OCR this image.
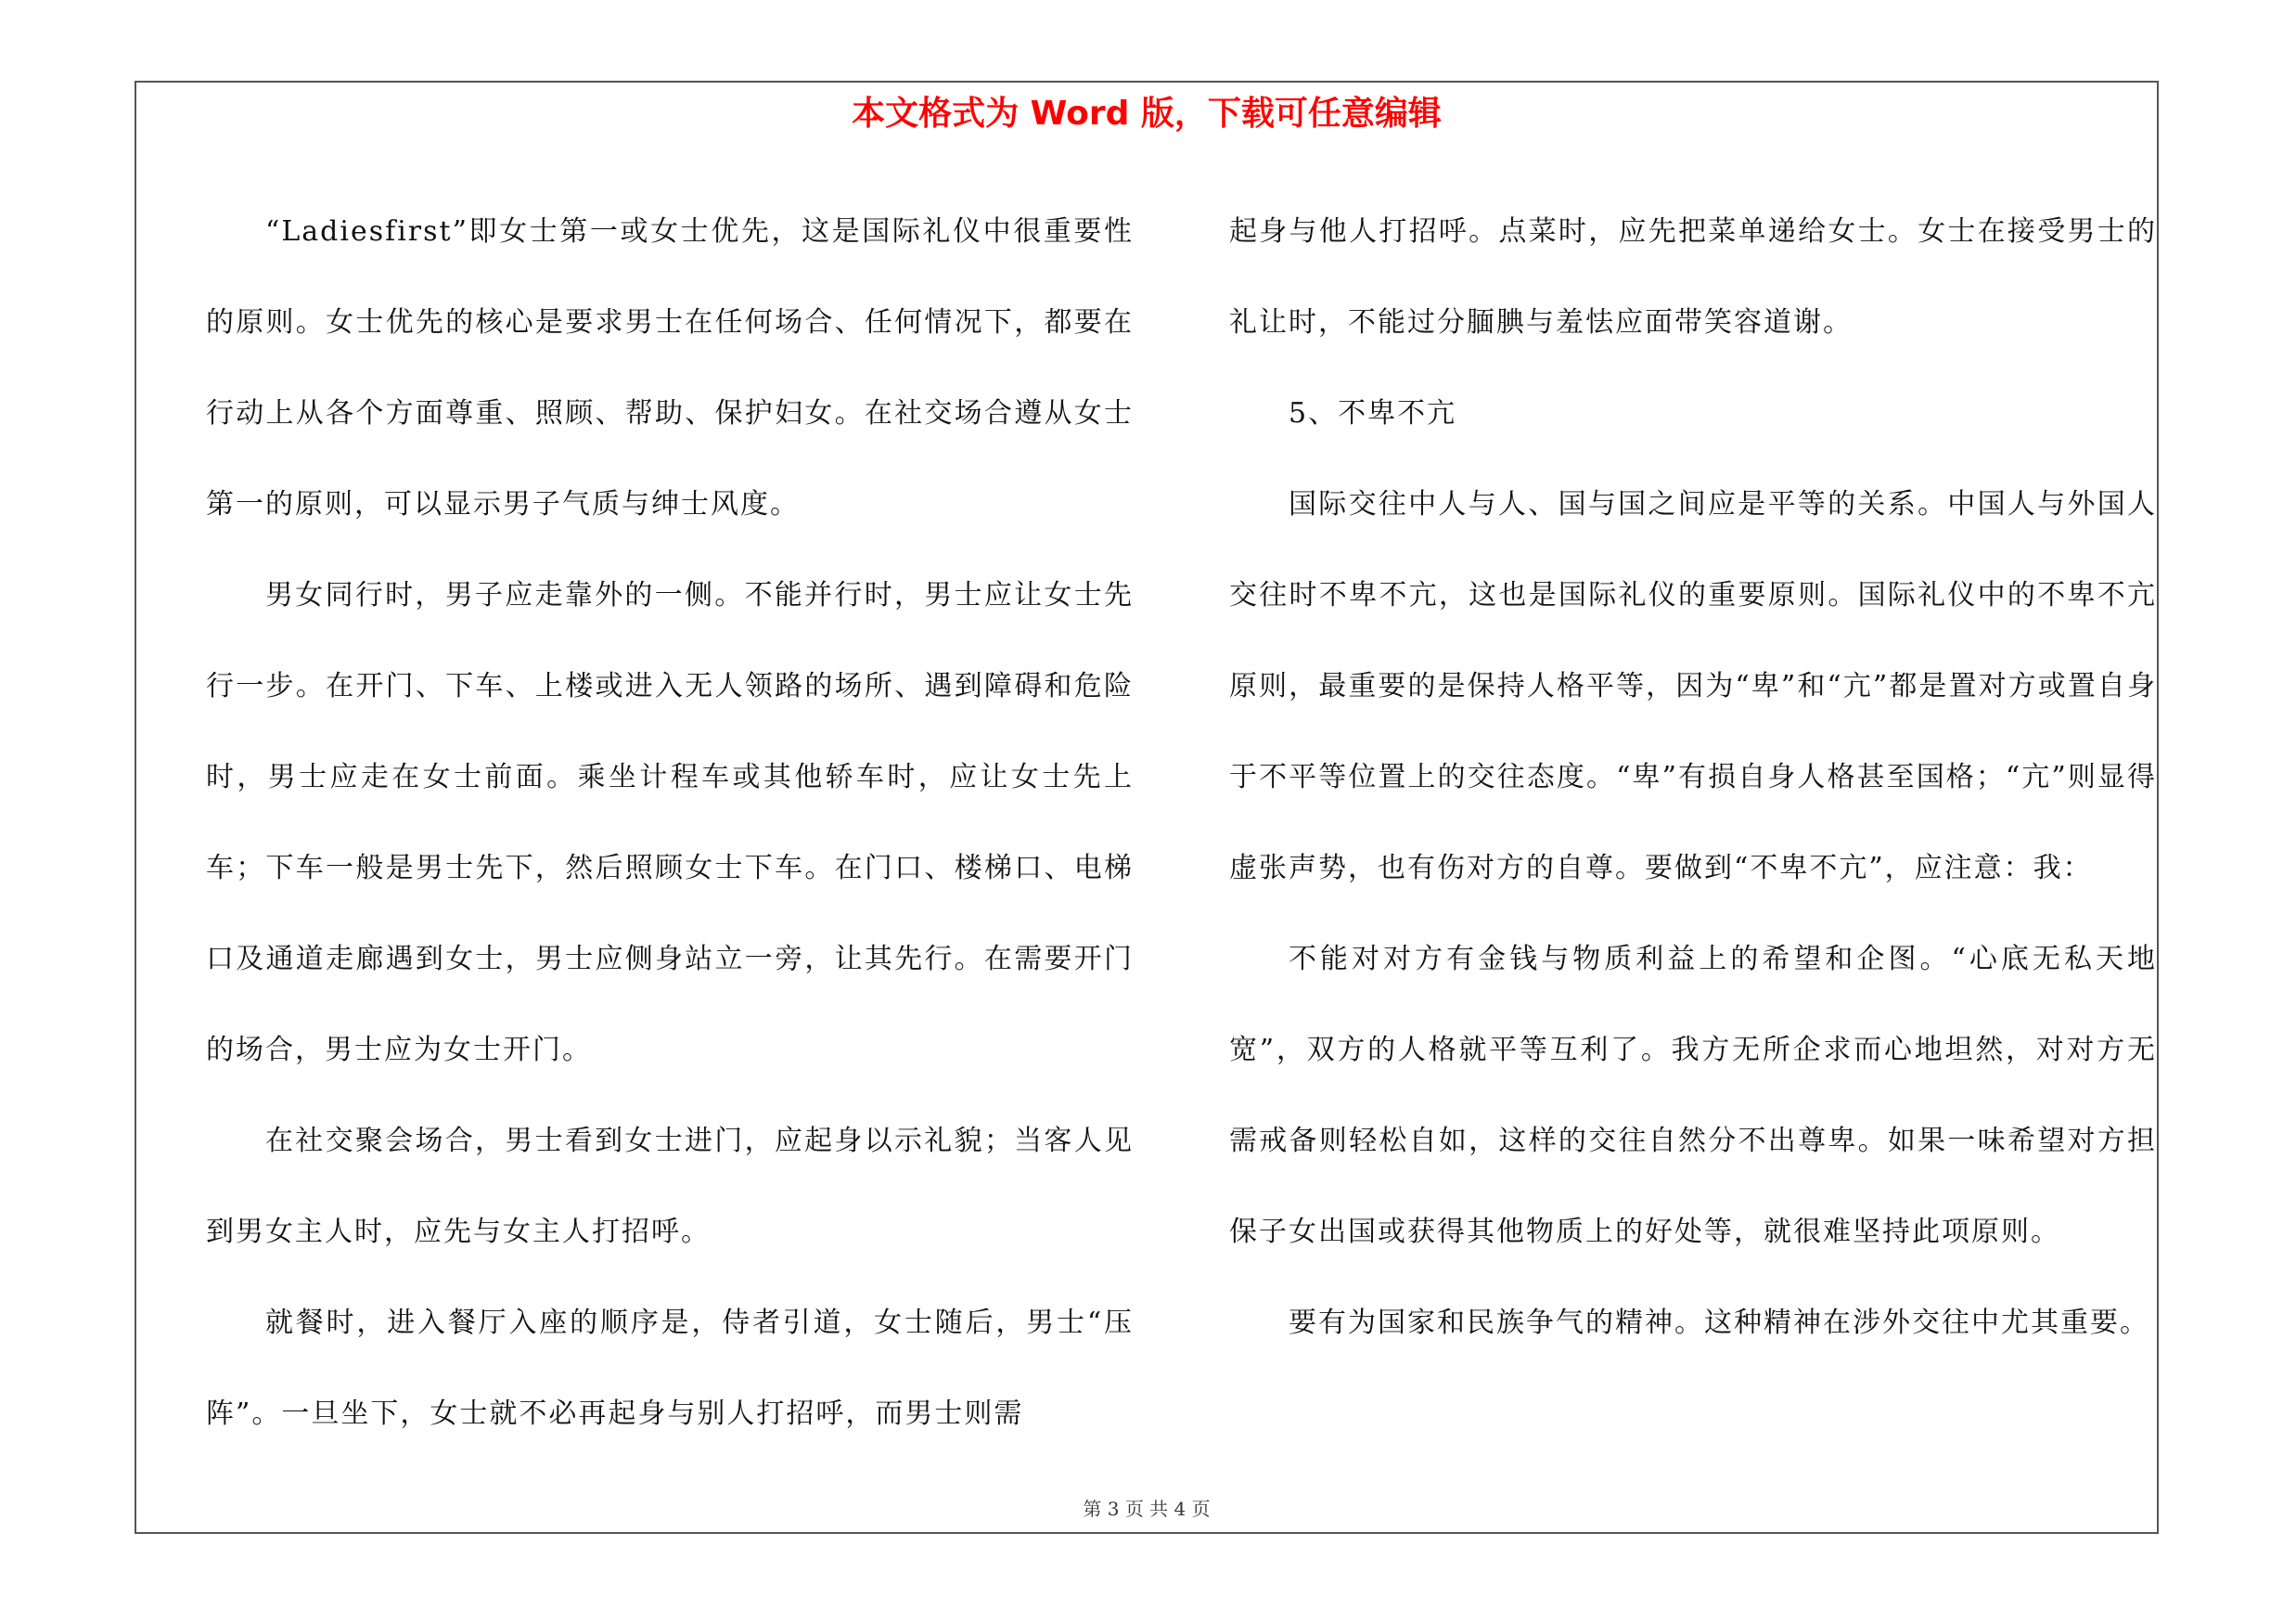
本文格式为 Word 版，下载可任意编辑

“Ladiesfirst”即女士第一或女士优先，这是国际礼仪中很重要性的原则。女士优先的核心是要求男士在任何场合、任何情况下，都要在行动上从各个方面尊重、照顾、帮助、保护妇女。在社交场合遵从女士第一的原则，可以显示男子气质与绅士风度。

男女同行时，男子应走靠外的一侧。不能并行时，男士应让女士先行一步。在开门、下车、上楼或进入无人领路的场所、遇到障碍和危险时，男士应走在女士前面。乘坐计程车或其他轿车时，应让女士先上车；下车一般是男士先下，然后照顾女士下车。在门口、楼梯口、电梯口及通道走廊遇到女士，男士应侧身站立一旁，让其先行。在需要开门的场合，男士应为女士开门。

在社交聚会场合，男士看到女士进门，应起身以示礼貌；当客人见到男女主人时，应先与女主人打招呼。

就餐时，进入餐厅入座的顺序是，侍者引道，女士随后，男士“压阵”。一旦坐下，女士就不必再起身与别人打招呼，而男士则需

起身与他人打招呼。点菜时，应先把菜单递给女士。女士在接受男士的礼让时，不能过分腼腆与羞怯应面带笑容道谢。

5、不卑不亢

国际交往中人与人、国与国之间应是平等的关系。中国人与外国人交往时不卑不亢，这也是国际礼仪的重要原则。国际礼仪中的不卑不亢原则，最重要的是保持人格平等，因为“卑”和“亢”都是置对方或置自身于不平等位置上的交往态度。“卑”有损自身人格甚至国格；“亢”则显得虚张声势，也有伤对方的自尊。要做到“不卑不亢”，应注意：我：

不能对对方有金钱与物质利益上的希望和企图。“心底无私天地宽”，双方的人格就平等互利了。我方无所企求而心地坦然，对对方无需戒备则轻松自如，这样的交往自然分不出尊卑。如果一味希望对方担保子女出国或获得其他物质上的好处等，就很难坚持此项原则。

要有为国家和民族争气的精神。这种精神在涉外交往中尤其重要。

第 3 页 共 4 页
